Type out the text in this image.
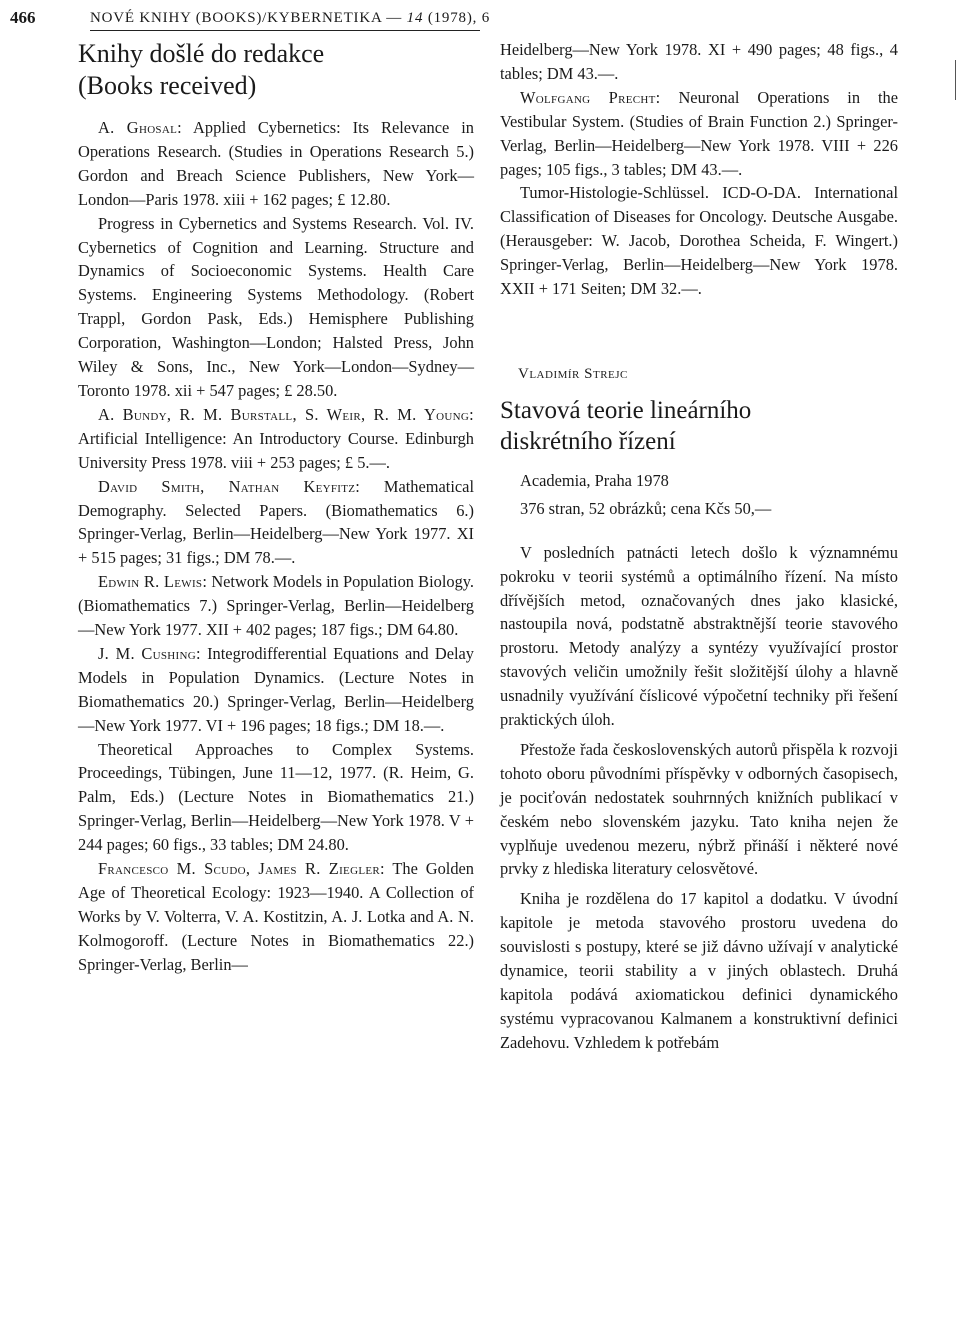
466	NOVÉ KNIHY (BOOKS)/KYBERNETIKA — 14 (1978), 6
Knihy došlé do redakce
(Books received)

A. Ghosal: Applied Cybernetics: Its Relevance in Operations Research. (Studies in Operations Research 5.) Gordon and Breach Science Publishers, New York—London—Paris 1978. xiii + 162 pages; £ 12.80.

Progress in Cybernetics and Systems Research. Vol. IV. Cybernetics of Cognition and Learning. Structure and Dynamics of Socioeconomic Systems. Health Care Systems. Engineering Systems Methodology. (Robert Trappl, Gordon Pask, Eds.) Hemisphere Publishing Corporation, Washington—London; Halsted Press, John Wiley & Sons, Inc., New York—London—Sydney—Toronto 1978. xii + 547 pages; £ 28.50.

A. Bundy, R. M. Burstall, S. Weir, R. M. Young: Artificial Intelligence: An Introductory Course. Edinburgh University Press 1978. viii + 253 pages; £ 5.—.

David Smith, Nathan Keyfitz: Mathematical Demography. Selected Papers. (Biomathematics 6.) Springer-Verlag, Berlin—Heidelberg—New York 1977. XI + 515 pages; 31 figs.; DM 78.—.

Edwin R. Lewis: Network Models in Population Biology. (Biomathematics 7.) Springer-Verlag, Berlin—Heidelberg—New York 1977. XII + 402 pages; 187 figs.; DM 64.80.

J. M. Cushing: Integrodifferential Equations and Delay Models in Population Dynamics. (Lecture Notes in Biomathematics 20.) Springer-Verlag, Berlin—Heidelberg—New York 1977. VI + 196 pages; 18 figs.; DM 18.—.

Theoretical Approaches to Complex Systems. Proceedings, Tübingen, June 11—12, 1977. (R. Heim, G. Palm, Eds.) (Lecture Notes in Biomathematics 21.) Springer-Verlag, Berlin—Heidelberg—New York 1978. V + 244 pages; 60 figs., 33 tables; DM 24.80.

Francesco M. Scudo, James R. Ziegler: The Golden Age of Theoretical Ecology: 1923—1940. A Collection of Works by V. Volterra, V. A. Kostitzin, A. J. Lotka and A. N. Kolmogoroff. (Lecture Notes in Biomathematics 22.) Springer-Verlag, Berlin—

Heidelberg—New York 1978. XI + 490 pages; 48 figs., 4 tables; DM 43.—.

Wolfgang Precht: Neuronal Operations in the Vestibular System. (Studies of Brain Function 2.) Springer-Verlag, Berlin—Heidelberg—New York 1978. VIII + 226 pages; 105 figs., 3 tables; DM 43.—.

Tumor-Histologie-Schlüssel. ICD-O-DA. International Classification of Diseases for Oncology. Deutsche Ausgabe. (Herausgeber: W. Jacob, Dorothea Scheida, F. Wingert.) Springer-Verlag, Berlin—Heidelberg—New York 1978. XXII + 171 Seiten; DM 32.—.

Vladimír Strejc
Stavová teorie lineárního
diskrétního řízení

Academia, Praha 1978

376 stran, 52 obrázků; cena Kčs 50,—

V posledních patnácti letech došlo k významnému pokroku v teorii systémů a optimálního řízení. Na místo dřívějších metod, označovaných dnes jako klasické, nastoupila nová, podstatně abstraktnější teorie stavového prostoru. Metody analýzy a syntézy využívající prostor stavových veličin umožnily řešit složitější úlohy a hlavně usnadnily využívání číslicové výpočetní techniky při řešení praktických úloh.

Přestože řada československých autorů přispěla k rozvoji tohoto oboru původními příspěvky v odborných časopisech, je pociťován nedostatek souhrnných knižních publikací v českém nebo slovenském jazyku. Tato kniha nejen že vyplňuje uvedenou mezeru, nýbrž přináší i některé nové prvky z hlediska literatury celosvětové.

Kniha je rozdělena do 17 kapitol a dodatku. V úvodní kapitole je metoda stavového prostoru uvedena do souvislosti s postupy, které se již dávno užívají v analytické dynamice, teorii stability a v jiných oblastech. Druhá kapitola podává axiomatickou definici dynamického systému vypracovanou Kalmanem a konstruktivní definici Zadehovu. Vzhledem k potřebám
